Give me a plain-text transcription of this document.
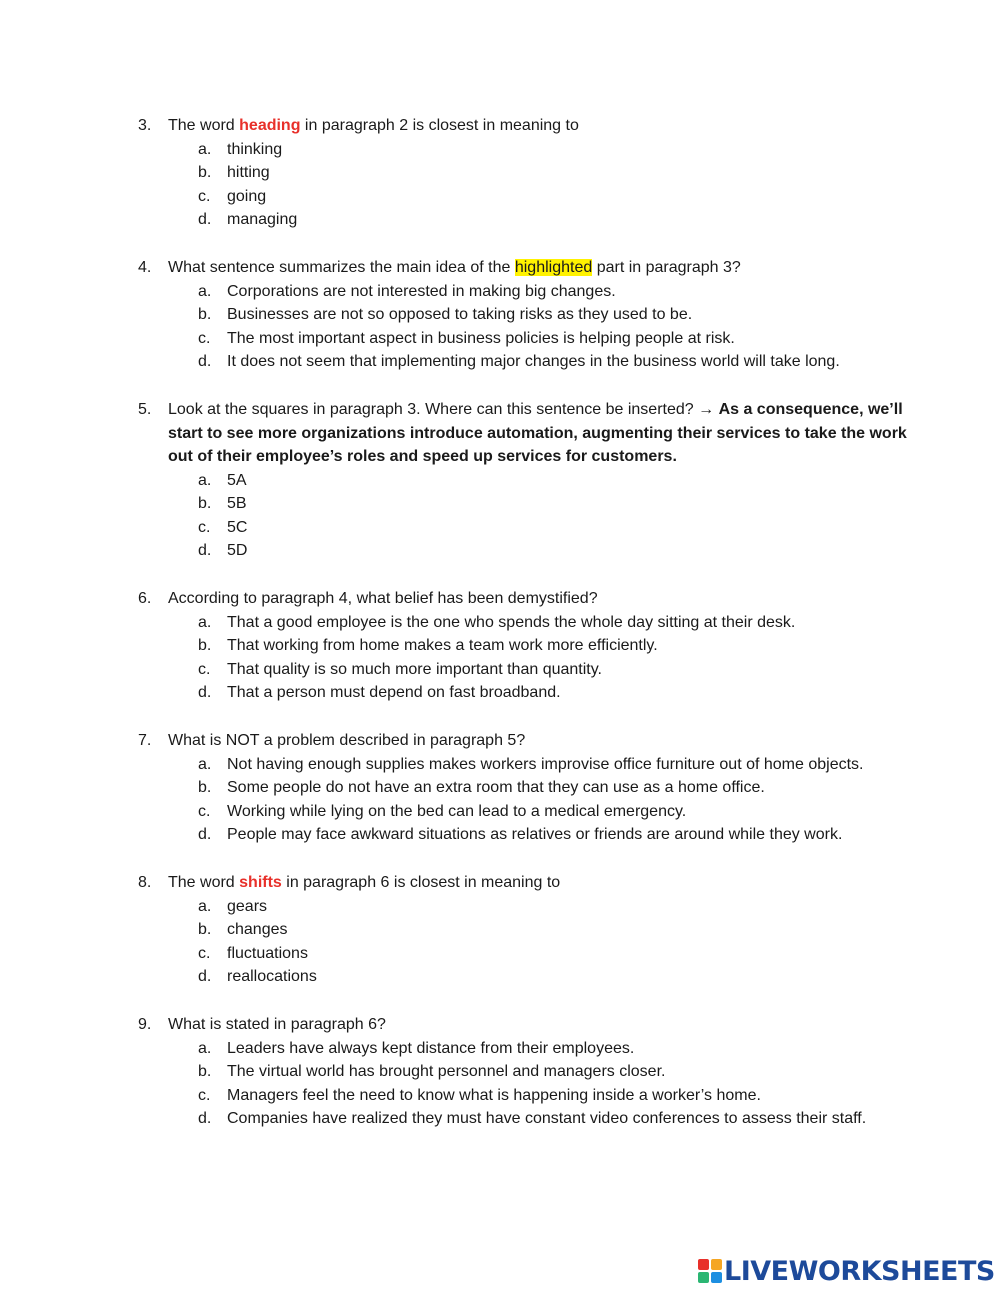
3.	The word heading in paragraph 2 is closest in meaning to
a. thinking
b. hitting
c.	going
d. managing
4.	What sentence summarizes the main idea of the highlighted part in paragraph 3?
a. Corporations are not interested in making big changes.
b. Businesses are not so opposed to taking risks as they used to be.
c.	The most important aspect in business policies is helping people at risk.
d. It does not seem that implementing major changes in the business world will take long.
5.	Look at the squares in paragraph 3. Where can this sentence be inserted? → As a consequence, we’ll start to see more organizations introduce automation, augmenting their services to take the work out of their employee’s roles and speed up services for customers.
a. 5A
b. 5B
c.	5C
d. 5D
6.	According to paragraph 4, what belief has been demystified?
a. That a good employee is the one who spends the whole day sitting at their desk.
b. That working from home makes a team work more efficiently.
c.	That quality is so much more important than quantity.
d. That a person must depend on fast broadband.
7.	What is NOT a problem described in paragraph 5?
a. Not having enough supplies makes workers improvise office furniture out of home objects.
b. Some people do not have an extra room that they can use as a home office.
c.	Working while lying on the bed can lead to a medical emergency.
d. People may face awkward situations as relatives or friends are around while they work.
8.	The word shifts in paragraph 6 is closest in meaning to
a. gears
b. changes
c.	fluctuations
d. reallocations
9.	What is stated in paragraph 6?
a. Leaders have always kept distance from their employees.
b. The virtual world has brought personnel and managers closer.
c.	Managers feel the need to know what is happening inside a worker’s home.
d. Companies have realized they must have constant video conferences to assess their staff.
LIVEWORKSHEETS
